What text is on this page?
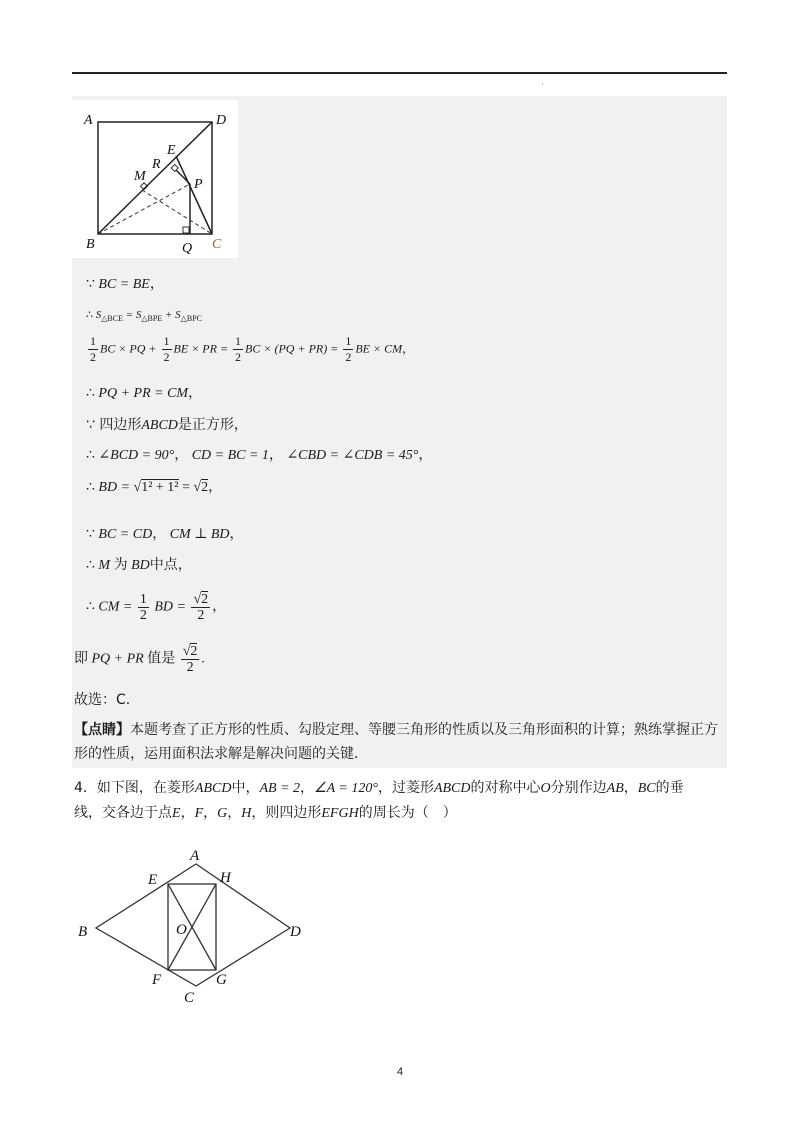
·
A	D
E
R
M
P
B	Q C
∵ BC = BE，
∴ $S_{\triangle BCE} = S_{\triangle BPE} + S_{\triangle BPC}$
$\frac{1}{2}$ BC × PQ + $\frac{1}{2}$ BE × PR = $\frac{1}{2}$ BC × $(PQ + PR) = \frac{1}{2}$ BE × CM，
∴ PQ + PR = CM，
∵ 四边形ABCD是正方形，
∴ ∠BCD = 90°， CD = BC = 1， ∠CBD = ∠CDB = 45°，
∴ BD = √1² + 1² = √2，
∵ BC = CD， CM ⊥ BD，
∴ M 为 BD中点，
∴ CM = $\frac{1}{2}$ BD = $\frac{√2}{2}$ ，
即 PQ + PR 值是 $\frac{√2}{2}$ .
故选：C.
【点睛】本题考查了正方形的性质、勾股定理、等腰三角形的性质以及三角形面积的计算；熟练掌握正方
形的性质，运用面积法求解是解决问题的关键.
4．如下图，在菱形ABCD中，AB = 2，∠A = 120°，过菱形ABCD的对称中心O分别作边AB，BC的垂
线，交各边于点E，F，G，H，则四边形EFGH的周长为（　）
A
E	H
B	O	D
F	G
C
4
